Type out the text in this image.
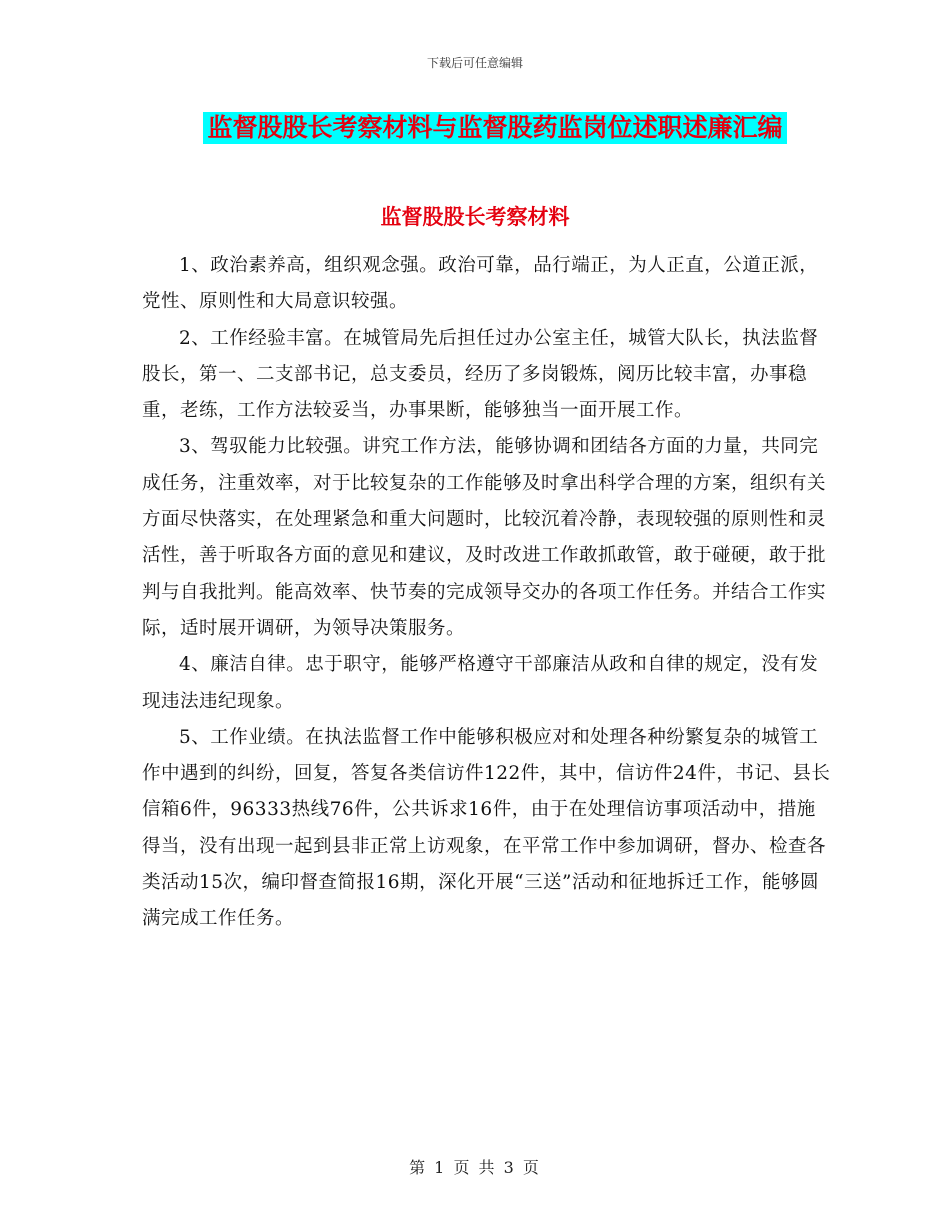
下载后可任意编辑
监督股股长考察材料与监督股药监岗位述职述廉汇编
监督股股长考察材料

1、政治素养高，组织观念强。政治可靠，品行端正，为人正直，公道正派，党性、原则性和大局意识较强。

2、工作经验丰富。在城管局先后担任过办公室主任，城管大队长，执法监督股长，第一、二支部书记，总支委员，经历了多岗锻炼，阅历比较丰富，办事稳重，老练，工作方法较妥当，办事果断，能够独当一面开展工作。

3、驾驭能力比较强。讲究工作方法，能够协调和团结各方面的力量，共同完成任务，注重效率，对于比较复杂的工作能够及时拿出科学合理的方案，组织有关方面尽快落实，在处理紧急和重大问题时，比较沉着冷静，表现较强的原则性和灵活性，善于听取各方面的意见和建议，及时改进工作敢抓敢管，敢于碰硬，敢于批判与自我批判。能高效率、快节奏的完成领导交办的各项工作任务。并结合工作实际，适时展开调研，为领导决策服务。

4、廉洁自律。忠于职守，能够严格遵守干部廉洁从政和自律的规定，没有发现违法违纪现象。

5、工作业绩。在执法监督工作中能够积极应对和处理各种纷繁复杂的城管工作中遇到的纠纷，回复，答复各类信访件122件，其中，信访件24件，书记、县长信箱6件，96333热线76件，公共诉求16件，由于在处理信访事项活动中，措施得当，没有出现一起到县非正常上访观象，在平常工作中参加调研，督办、检查各类活动15次，编印督查简报16期，深化开展“三送”活动和征地拆迁工作，能够圆满完成工作任务。

第 1 页 共 3 页
